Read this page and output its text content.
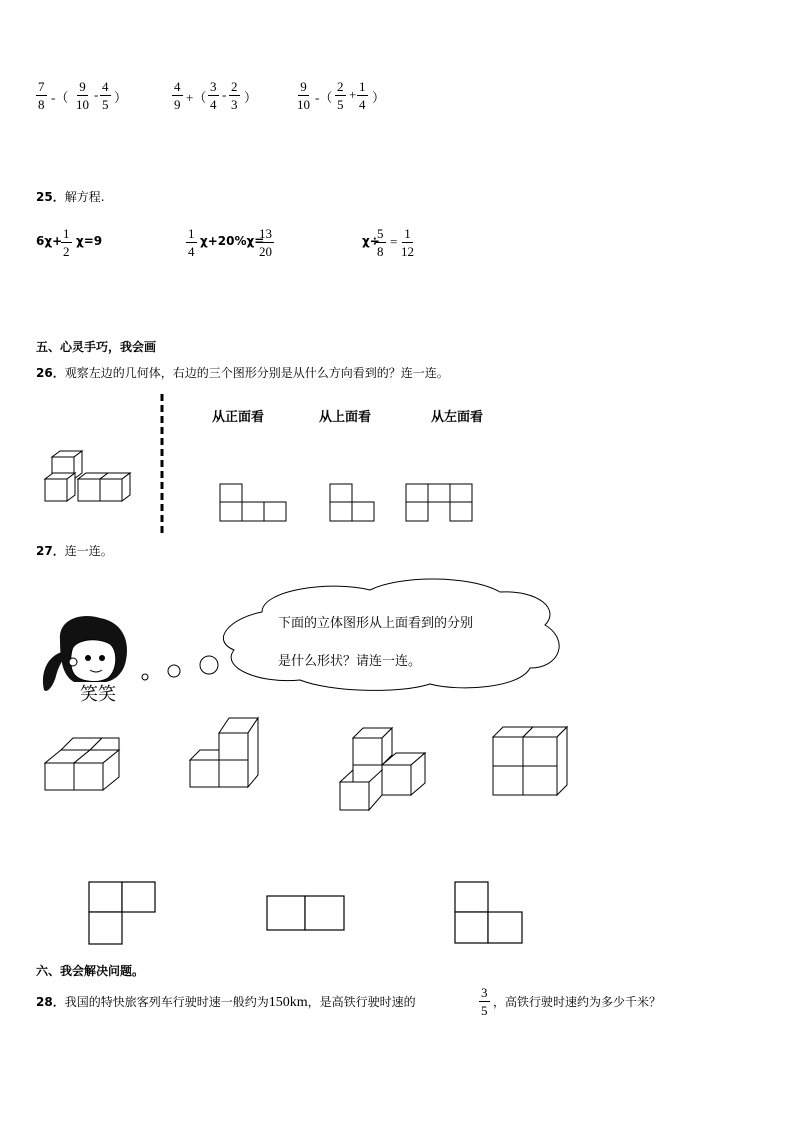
$\frac{7}{8}$ -（ $\frac{9}{10} - \frac{4}{5}$ ）	$\frac{4}{9}$ +（ $\frac{3}{4} - \frac{2}{3}$ ）	$\frac{9}{10}$ -（ $\frac{2}{5} + \frac{1}{4}$ ）
25．解方程.
6χ+
$\frac{1}{2} \chi=9$	$\frac{1}{4} \chi+20\%\chi=$
$\frac{13}{20}$	χ÷
$\frac{5}{8} = \frac{1}{12}$
五、心灵手巧，我会画
26．观察左边的几何体，右边的三个图形分别是从什么方向看到的？连一连。
从正面看	从上面看	从左面看
27．连一连。
笑笑
下面的立体图形从上面看到的分别
是什么形状？请连一连。
六、我会解决问题。
28．我国的特快旅客列车行驶时速一般约为150km，是高铁行驶时速的	$\frac{3}{5}$ ，高铁行驶时速约为多少千米？
